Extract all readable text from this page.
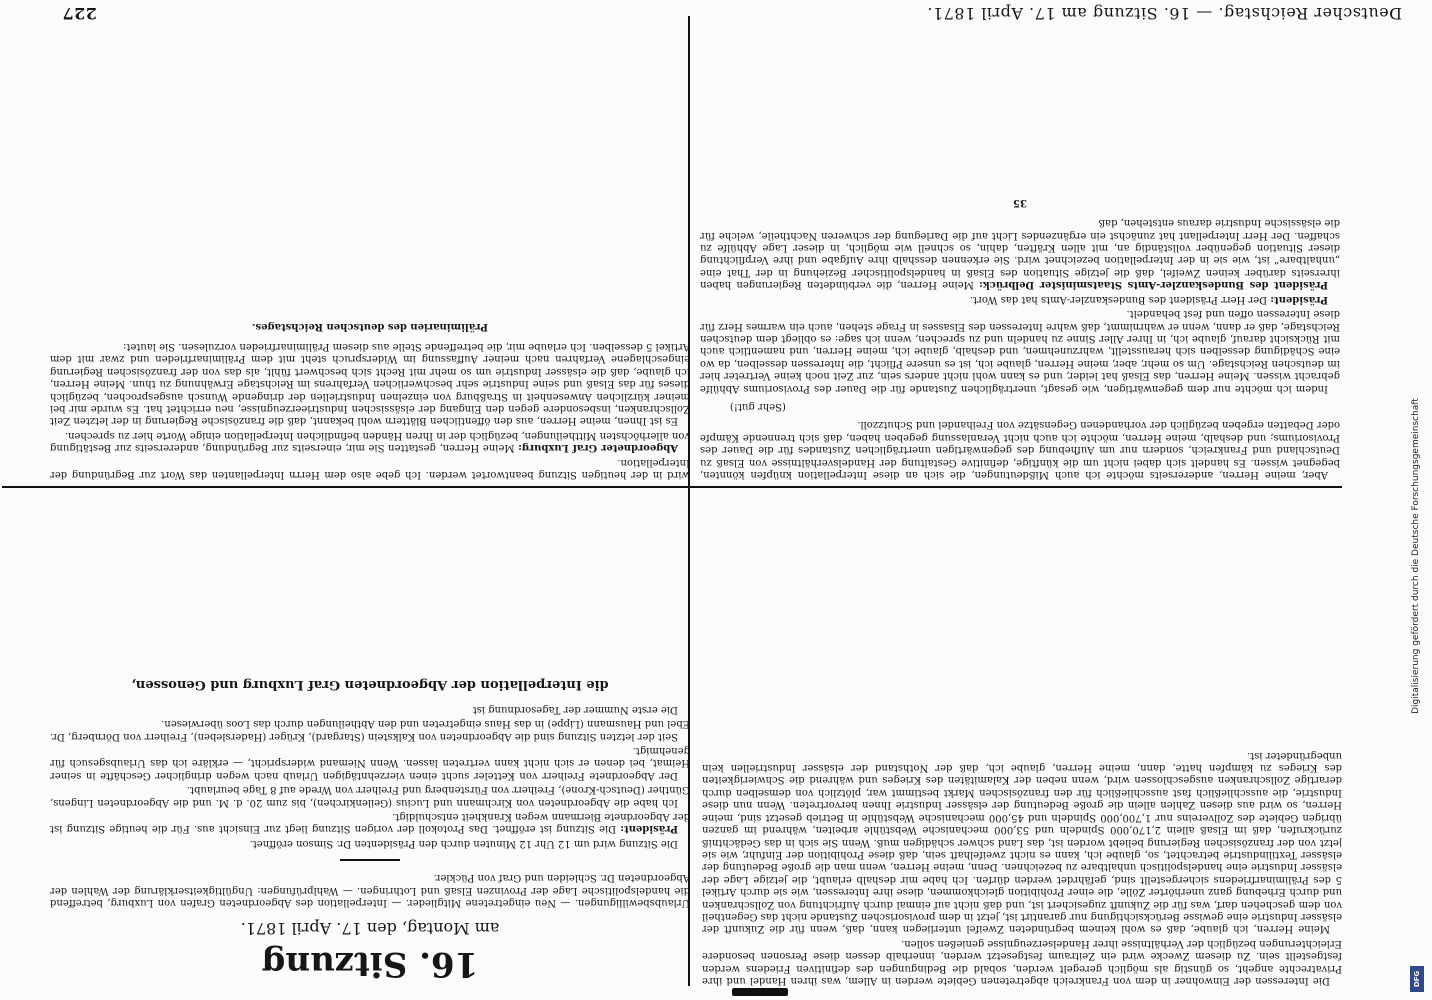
Deutscher Reichstag. — 16. Sitzung am 17. April 1871.
227
16. Sitzung
am Montag, den 17. April 1871.

Urlaubsbewilligungen. — Neu eingetretene Mitglieder. — Interpellation des Abgeordneten Grafen von Luxburg, betreffend die handelspolitische Lage der Provinzen Elsaß und Lothringen. — Wahlprüfungen: Ungültigkeitserklärung der Wahlen der Abgeordneten Dr. Schleiden und Graf von Pückler.

Die Sitzung wird um 12 Uhr 12 Minuten durch den Präsidenten Dr. Simson eröffnet.

Präsident: Die Sitzung ist eröffnet. Das Protokoll der vorigen Sitzung liegt zur Einsicht aus. Für die heutige Sitzung ist der Abgeordnete Biermann wegen Krankheit entschuldigt.

Ich habe die Abgeordneten von Kirchmann und Lucius (Geilenkirchen), bis zum 20. d. M. und die Abgeordneten Lingens, Günther (Deutsch-Krone), Freiherr von Fürstenberg und Freiherr von Wrede auf 8 Tage beurlaubt.

Der Abgeordnete Freiherr von Ketteler sucht einen vierzehntägigen Urlaub nach wegen dringlicher Geschäfte in seiner Heimat, bei denen er sich nicht kann vertreten lassen. Wenn Niemand widerspricht, — erkläre ich das Urlaubsgesuch für genehmigt.

Seit der letzten Sitzung sind die Abgeordneten von Kalkstein (Stargard), Krüger (Hadersleben), Freiherr von Dörnberg, Dr. Ebel und Hausmann (Lippe) in das Haus eingetreten und den Abtheilungen durch das Loos überwiesen.

Die erste Nummer der Tagesordnung ist

die Interpellation der Abgeordneten Graf Luxburg und Genossen,

wird in der heutigen Sitzung beantwortet werden. Ich gebe also dem Herrn Interpellanten das Wort zur Begründung der Interpellation.

Abgeordneter Graf Luxburg: Meine Herren, gestatten Sie mir, einerseits zur Begründung, andererseits zur Bestätigung von allerhöchsten Mittheilungen, bezüglich der in Ihren Händen befindlichen Interpellation einige Worte hier zu sprechen.

Es ist Ihnen, meine Herren, aus den öffentlichen Blättern wohl bekannt, daß die französische Regierung in der letzten Zeit Zollschranken, insbesondere gegen den Eingang der elsässischen Industrieerzeugnisse, neu errichtet hat. Es wurde mir bei meiner kürzlichen Anwesenheit in Straßburg von einzelnen Industriellen der dringende Wunsch ausgesprochen, bezüglich dieses für das Elsaß und seine Industrie sehr beschwerlichen Verfahrens im Reichstage Erwähnung zu thun. Meine Herren, ich glaube, daß die elsässer Industrie um so mehr mit Recht sich beschwert fühlt, als das von der französischen Regierung eingeschlagene Verfahren nach meiner Auffassung im Widerspruch steht mit dem Präliminarfrieden und zwar mit dem Artikel 5 desselben. Ich erlaube mir, die betreffende Stelle aus diesem Präliminarfrieden vorzulesen. Sie lautet:

Präliminarien des deutschen Reichstages.

Die Interessen der Einwohner in dem von Frankreich abgetretenen Gebiete werden in Allem, was ihren Handel und ihre Privatrechte angeht, so günstig als möglich geregelt werden, sobald die Bedingungen des definitiven Friedens werden festgestellt sein. Zu diesem Zwecke wird ein Zeitraum festgesetzt werden, innerhalb dessen diese Personen besondere Erleichterungen bezüglich der Verhältnisse ihrer Handelserzeugnisse genießen sollen.

Meine Herren, ich glaube, daß es wohl keinem begründeten Zweifel unterliegen kann, daß, wenn für die Zukunft der elsässer Industrie eine gewisse Berücksichtigung nur garantirt ist, jetzt in dem provisorischen Zustande nicht das Gegentheil von dem geschehen darf, was für die Zukunft zugesichert ist, und daß nicht auf einmal durch Aufrichtung von Zollschranken und durch Erhebung ganz unerhörter Zölle, die einer Prohibition gleichkommen, diese ihre Interessen, wie sie durch Artikel 5 des Präliminarfriedens sichergestellt sind, gefährdet werden dürfen. Ich habe mir deshalb erlaubt, die jetzige Lage der elsässer Industrie eine handelspolitisch unhaltbare zu bezeichnen. Denn, meine Herren, wenn man die große Bedeutung der elsässer Textilindustrie betrachtet, so, glaube ich, kann es nicht zweifelhaft sein, daß diese Prohibition der Einfuhr, wie sie jetzt von der französischen Regierung beliebt worden ist, das Land schwer schädigen muß. Wenn Sie sich in das Gedächtniß zurückrufen, daß im Elsaß allein 2,170,000 Spindeln und 53,000 mechanische Webstühle arbeiten, während im ganzen übrigen Gebiete des Zollvereins nur 1,700,000 Spindeln und 45,000 mechanische Webstühle in Betrieb gesetzt sind, meine Herren, so wird aus diesen Zahlen allein die große Bedeutung der elsässer Industrie Ihnen hervortreten. Wenn nun diese Industrie, die ausschließlich fast ausschließlich für den französischen Markt bestimmt war, plötzlich von demselben durch derartige Zollschranken ausgeschlossen wird, wenn neben der Kalamitäten des Krieges und während die Schwierigkeiten des Krieges zu kämpfen hatte, dann, meine Herren, glaube ich, daß der Nothstand der elsässer Industriellen kein unbegründeter ist.

Aber, meine Herren, andererseits möchte ich auch Mißdeutungen, die sich an diese Interpellation knüpfen könnten, begegnet wissen. Es handelt sich dabei nicht um die künftige, definitive Gestaltung der Handelsverhältnisse von Elsaß zu Deutschland und Frankreich, sondern nur um Aufhebung des gegenwärtigen unerträglichen Zustandes für die Dauer des Provisoriums; und deshalb, meine Herren, möchte ich auch nicht Veranlassung gegeben haben, daß sich trennende Kämpfe oder Debatten ergeben bezüglich der vorhandenen Gegensätze von Freihandel und Schutzzoll.

(Sehr gut!)

Indem ich möchte nur dem gegenwärtigen, wie gesagt, unerträglichen Zustande für die Dauer des Provisoriums Abhülfe gebracht wissen. Meine Herren, das Elsaß hat leider, und es kann wohl nicht anders sein, zur Zeit noch keine Vertreter hier im deutschen Reichstage. Um so mehr, aber, meine Herren, glaube ich, ist es unsere Pflicht, die Interessen desselben, da wo eine Schädigung desselben sich herausstellt, wahrzunehmen, und deshalb, glaube ich, meine Herren, und namentlich auch mit Rücksicht darauf, glaube ich, in Ihrer Aller Sinne zu handeln und zu sprechen, wenn ich sage: es obliegt dem deutschen Reichstage, daß er dann, wenn er wahrnimmt, daß wahre Interessen des Elsasses in Frage stehen, auch ein warmes Herz für diese Interessen offen und fest behandelt.

Präsident: Der Herr Präsident des Bundeskanzler-Amts hat das Wort.

Präsident des Bundeskanzler-Amts Staatsminister Delbrück: Meine Herren, die verbündeten Regierungen haben ihrerseits darüber keinen Zweifel, daß die jetzige Situation des Elsaß in handelspolitischer Beziehung in der That eine „unhaltbare“ ist, wie sie in der Interpellation bezeichnet wird. Sie erkennen desshalb ihre Aufgabe und ihre Verpflichtung dieser Situation gegenüber vollständig an, mit allen Kräften, dahin, so schnell wie möglich, in dieser Lage Abhülfe zu schaffen. Der Herr Interpellant hat zunächst ein ergänzendes Licht auf die Darlegung der schweren Nachtheile, welche für die elsässische Industrie daraus entstehen, daß

35
Digitalisierung gefördert durch die Deutsche Forschungsgemeinschaft
DFG
